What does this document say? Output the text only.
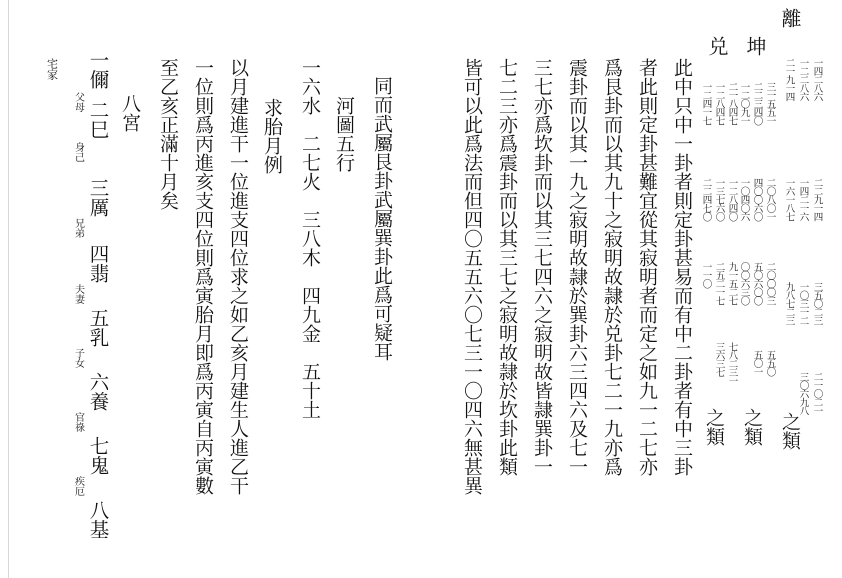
離
坤
兑
一四二八六
一二二八六
二一九一四
二二九一四
一四二一六
一六一八七
三五〇二三
一〇三一二
九八七二三
二一〇二一
三〇六九八
之類
三一五五一
二二三四〇
一二〇九一
二〇八〇一
四〇〇六〇
一〇四〇六
二〇〇〇三
五〇六〇〇
〇〇六三〇
五五〇
五〇一
之類
二一八四七
一二八四七
一二四一七
一二八四〇
一三七六〇
二二四七〇
九一五二七
二五二一七
一一〇
七八二三一
三六三七
之類
此中只中一卦者則定卦甚易而有中二卦者有中三卦
者此則定卦甚難宜從其寂明者而定之如九一二七亦
爲艮卦而以其九十之寂明故隷於兑卦七二一九亦爲
震卦而以其一九之寂明故隷於巽卦六三四六及七一
三七亦爲坎卦而以其三七四六之寂明故皆隷巽卦一
七二三亦爲震卦而以其三七之寂明故隷於坎卦此類
皆可以此爲法而但四〇五五六〇七三一〇四六無甚異
同而武屬艮卦武屬巽卦此爲可疑耳
河圖五行
一六水　二七火　三八木　四九金　五十土
求胎月例
以月建進干一位進支四位求之如乙亥月建生人進乙干
一位則爲丙進亥支四位則爲寅胎月即爲丙寅自丙寅數
至乙亥正滿十月矣
八宮
一儞
父母 二巳
身己
三厲
兄弟
四翡
夫妻
五乳
子女
六養
官祿
七鬼
疾厄
八基
宅家
